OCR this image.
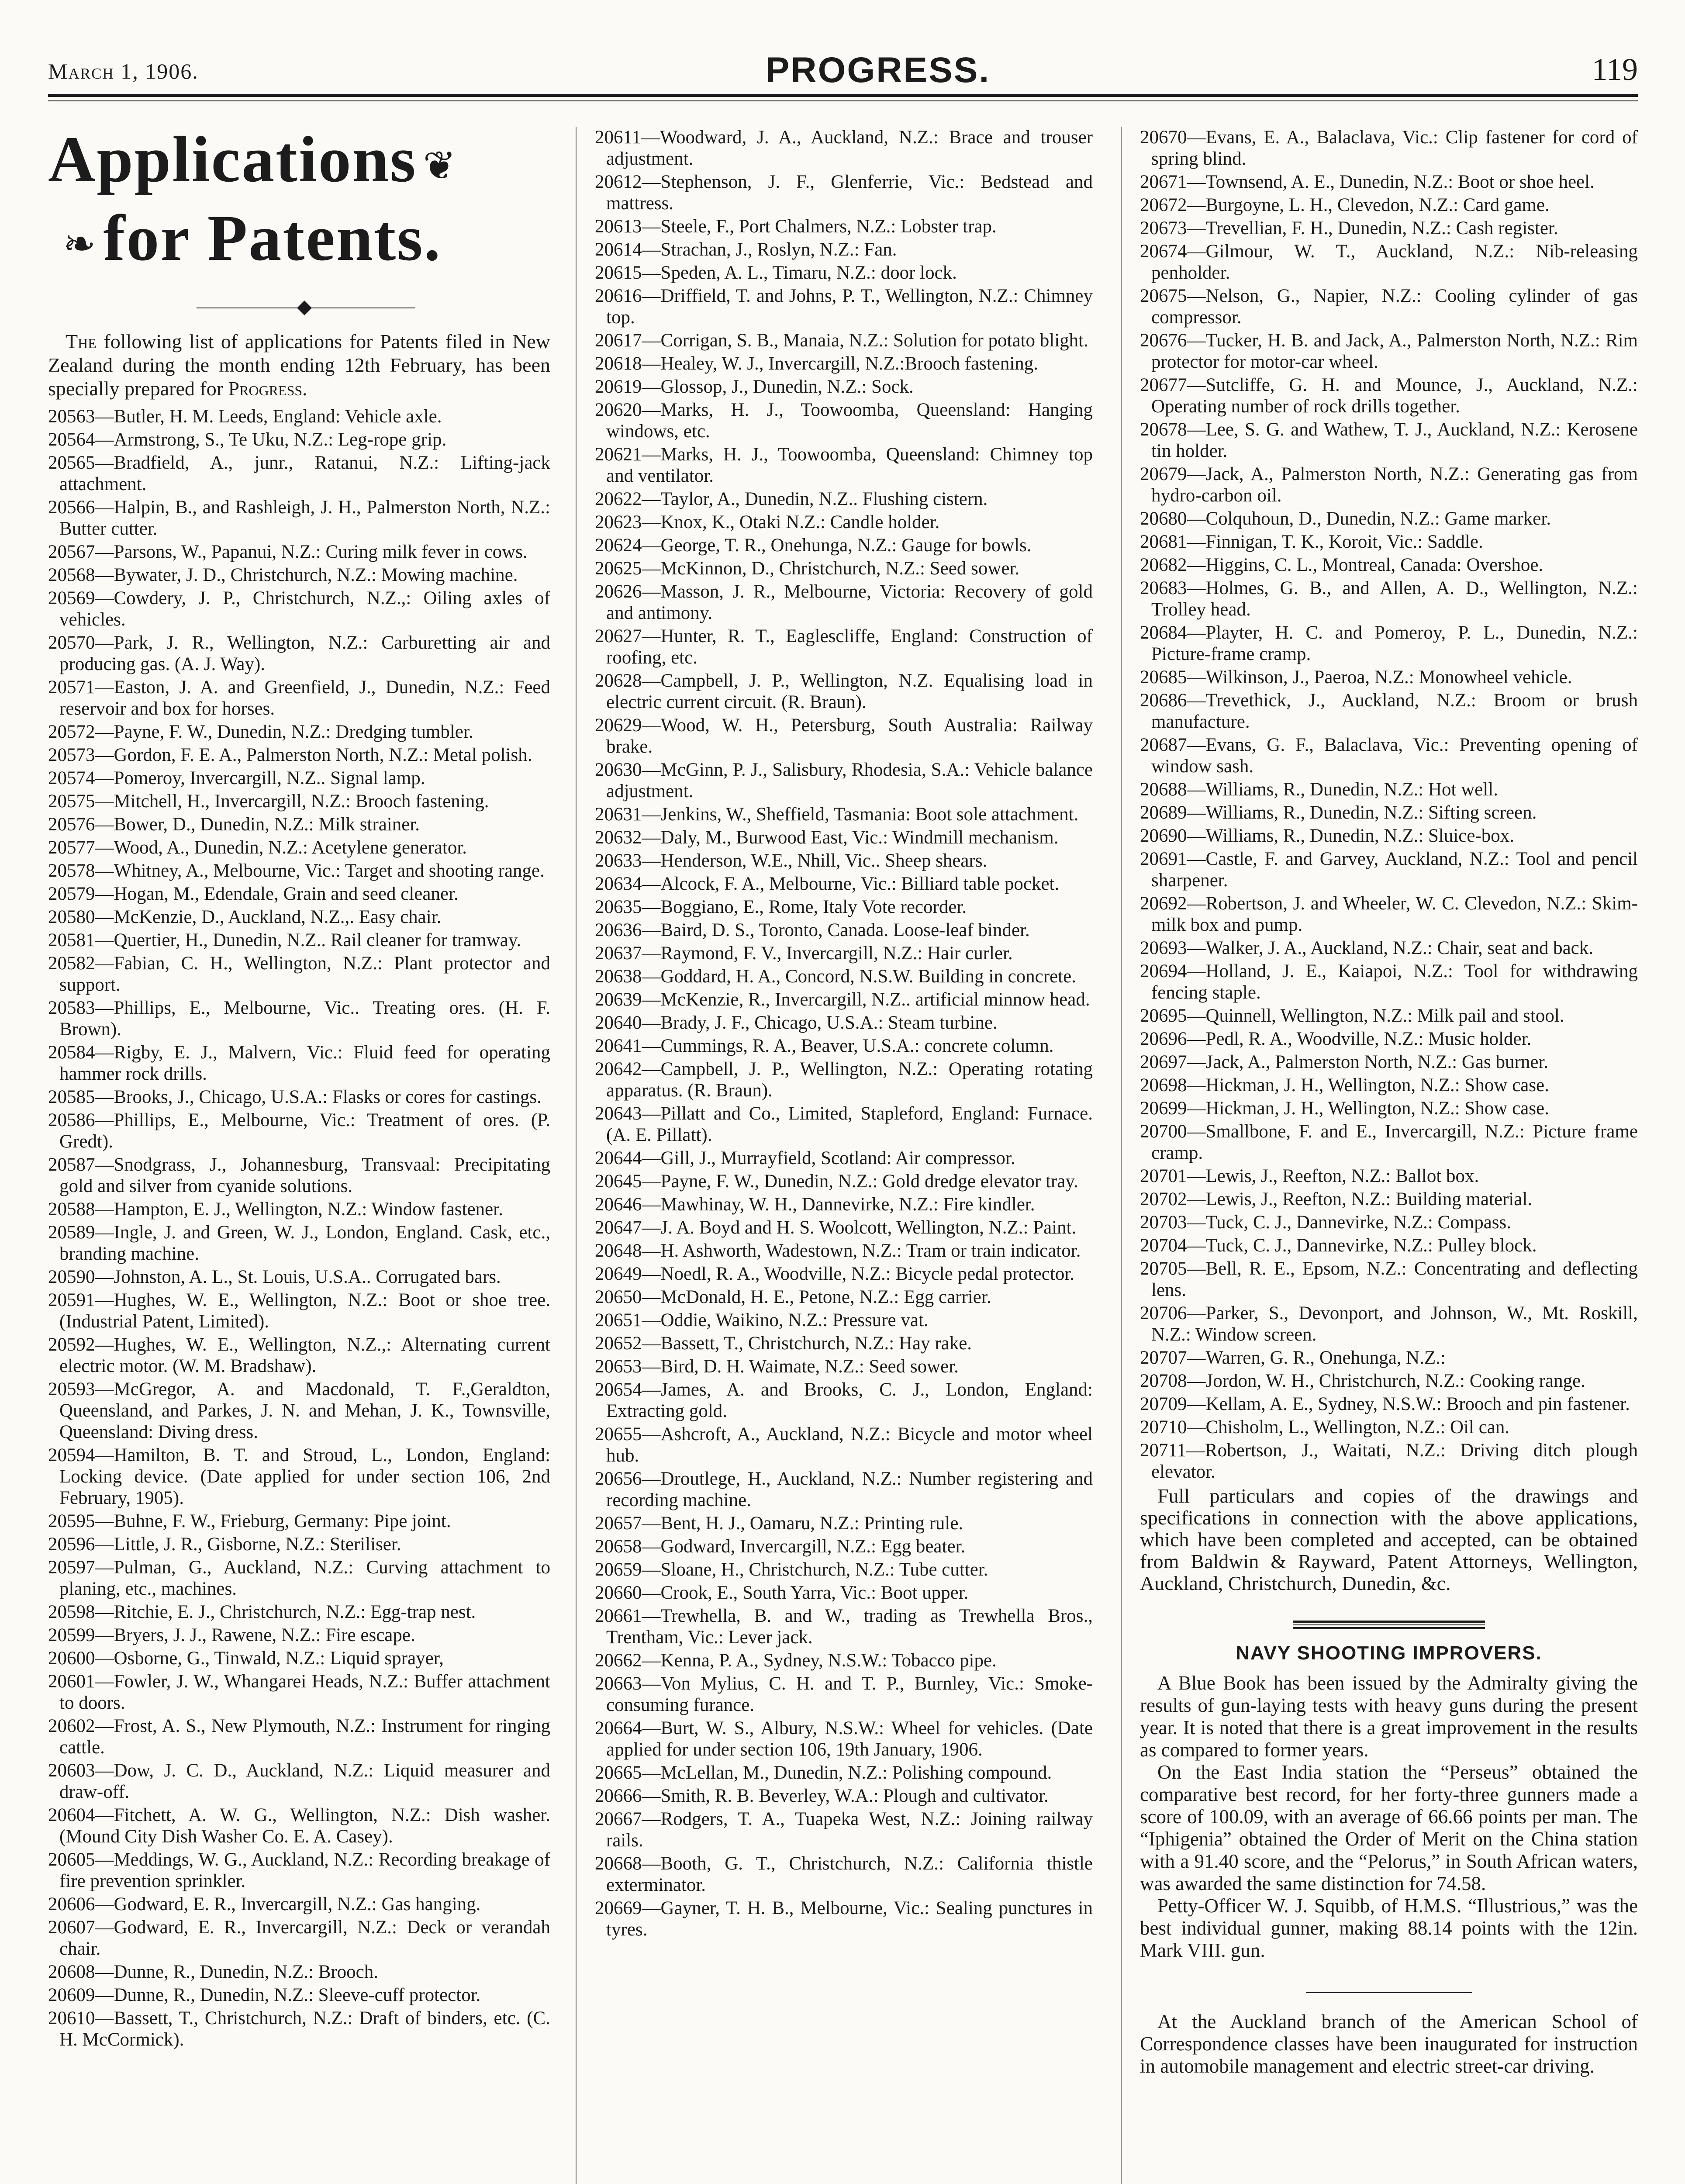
March 1, 1906.	PROGRESS.	119
Applications ❦
❧for Patents.

The following list of applications for Patents filed in New Zealand during the month ending 12th February, has been specially prepared for Progress.

20563—Butler, H. M. Leeds, England: Vehicle axle.

20564—Armstrong, S., Te Uku, N.Z.: Leg-rope grip.

20565—Bradfield, A., junr., Ratanui, N.Z.: Lifting-jack attachment.

20566—Halpin, B., and Rashleigh, J. H., Palmerston North, N.Z.: Butter cutter.

20567—Parsons, W., Papanui, N.Z.: Curing milk fever in cows.

20568—Bywater, J. D., Christchurch, N.Z.: Mowing machine.

20569—Cowdery, J. P., Christchurch, N.Z.,: Oiling axles of vehicles.

20570—Park, J. R., Wellington, N.Z.: Carburetting air and producing gas. (A. J. Way).

20571—Easton, J. A. and Greenfield, J., Dunedin, N.Z.: Feed reservoir and box for horses.

20572—Payne, F. W., Dunedin, N.Z.: Dredging tumbler.

20573—Gordon, F. E. A., Palmerston North, N.Z.: Metal polish.

20574—Pomeroy, Invercargill, N.Z.. Signal lamp.

20575—Mitchell, H., Invercargill, N.Z.: Brooch fastening.

20576—Bower, D., Dunedin, N.Z.: Milk strainer.

20577—Wood, A., Dunedin, N.Z.: Acetylene generator.

20578—Whitney, A., Melbourne, Vic.: Target and shooting range.

20579—Hogan, M., Edendale, Grain and seed cleaner.

20580—McKenzie, D., Auckland, N.Z.,. Easy chair.

20581—Quertier, H., Dunedin, N.Z.. Rail cleaner for tramway.

20582—Fabian, C. H., Wellington, N.Z.: Plant protector and support.

20583—Phillips, E., Melbourne, Vic.. Treating ores. (H. F. Brown).

20584—Rigby, E. J., Malvern, Vic.: Fluid feed for operating hammer rock drills.

20585—Brooks, J., Chicago, U.S.A.: Flasks or cores for castings.

20586—Phillips, E., Melbourne, Vic.: Treatment of ores. (P. Gredt).

20587—Snodgrass, J., Johannesburg, Transvaal: Precipitating gold and silver from cyanide solutions.

20588—Hampton, E. J., Wellington, N.Z.: Window fastener.

20589—Ingle, J. and Green, W. J., London, England. Cask, etc., branding machine.

20590—Johnston, A. L., St. Louis, U.S.A.. Corrugated bars.

20591—Hughes, W. E., Wellington, N.Z.: Boot or shoe tree. (Industrial Patent, Limited).

20592—Hughes, W. E., Wellington, N.Z.,: Alternating current electric motor. (W. M. Bradshaw).

20593—McGregor, A. and Macdonald, T. F.,Geraldton, Queensland, and Parkes, J. N. and Mehan, J. K., Townsville, Queensland: Diving dress.

20594—Hamilton, B. T. and Stroud, L., London, England: Locking device. (Date applied for under section 106, 2nd February, 1905).

20595—Buhne, F. W., Frieburg, Germany: Pipe joint.

20596—Little, J. R., Gisborne, N.Z.: Steriliser.

20597—Pulman, G., Auckland, N.Z.: Curving attachment to planing, etc., machines.

20598—Ritchie, E. J., Christchurch, N.Z.: Egg-trap nest.

20599—Bryers, J. J., Rawene, N.Z.: Fire escape.

20600—Osborne, G., Tinwald, N.Z.: Liquid sprayer,

20601—Fowler, J. W., Whangarei Heads, N.Z.: Buffer attachment to doors.

20602—Frost, A. S., New Plymouth, N.Z.: Instrument for ringing cattle.

20603—Dow, J. C. D., Auckland, N.Z.: Liquid measurer and draw-off.

20604—Fitchett, A. W. G., Wellington, N.Z.: Dish washer. (Mound City Dish Washer Co. E. A. Casey).

20605—Meddings, W. G., Auckland, N.Z.: Recording breakage of fire prevention sprinkler.

20606—Godward, E. R., Invercargill, N.Z.: Gas hanging.

20607—Godward, E. R., Invercargill, N.Z.: Deck or verandah chair.

20608—Dunne, R., Dunedin, N.Z.: Brooch.

20609—Dunne, R., Dunedin, N.Z.: Sleeve-cuff protector.

20610—Bassett, T., Christchurch, N.Z.: Draft of binders, etc. (C. H. McCormick).

20611—Woodward, J. A., Auckland, N.Z.: Brace and trouser adjustment.

20612—Stephenson, J. F., Glenferrie, Vic.: Bedstead and mattress.

20613—Steele, F., Port Chalmers, N.Z.: Lobster trap.

20614—Strachan, J., Roslyn, N.Z.: Fan.

20615—Speden, A. L., Timaru, N.Z.: door lock.

20616—Driffield, T. and Johns, P. T., Wellington, N.Z.: Chimney top.

20617—Corrigan, S. B., Manaia, N.Z.: Solution for potato blight.

20618—Healey, W. J., Invercargill, N.Z.:Brooch fastening.

20619—Glossop, J., Dunedin, N.Z.: Sock.

20620—Marks, H. J., Toowoomba, Queensland: Hanging windows, etc.

20621—Marks, H. J., Toowoomba, Queensland: Chimney top and ventilator.

20622—Taylor, A., Dunedin, N.Z.. Flushing cistern.

20623—Knox, K., Otaki N.Z.: Candle holder.

20624—George, T. R., Onehunga, N.Z.: Gauge for bowls.

20625—McKinnon, D., Christchurch, N.Z.: Seed sower.

20626—Masson, J. R., Melbourne, Victoria: Recovery of gold and antimony.

20627—Hunter, R. T., Eaglescliffe, England: Construction of roofing, etc.

20628—Campbell, J. P., Wellington, N.Z. Equalising load in electric current circuit. (R. Braun).

20629—Wood, W. H., Petersburg, South Australia: Railway brake.

20630—McGinn, P. J., Salisbury, Rhodesia, S.A.: Vehicle balance adjustment.

20631—Jenkins, W., Sheffield, Tasmania: Boot sole attachment.

20632—Daly, M., Burwood East, Vic.: Windmill mechanism.

20633—Henderson, W.E., Nhill, Vic.. Sheep shears.

20634—Alcock, F. A., Melbourne, Vic.: Billiard table pocket.

20635—Boggiano, E., Rome, Italy Vote recorder.

20636—Baird, D. S., Toronto, Canada. Loose-leaf binder.

20637—Raymond, F. V., Invercargill, N.Z.: Hair curler.

20638—Goddard, H. A., Concord, N.S.W. Building in concrete.

20639—McKenzie, R., Invercargill, N.Z.. artificial minnow head.

20640—Brady, J. F., Chicago, U.S.A.: Steam turbine.

20641—Cummings, R. A., Beaver, U.S.A.: concrete column.

20642—Campbell, J. P., Wellington, N.Z.: Operating rotating apparatus. (R. Braun).

20643—Pillatt and Co., Limited, Stapleford, England: Furnace. (A. E. Pillatt).

20644—Gill, J., Murrayfield, Scotland: Air compressor.

20645—Payne, F. W., Dunedin, N.Z.: Gold dredge elevator tray.

20646—Mawhinay, W. H., Dannevirke, N.Z.: Fire kindler.

20647—J. A. Boyd and H. S. Woolcott, Wellington, N.Z.: Paint.

20648—H. Ashworth, Wadestown, N.Z.: Tram or train indicator.

20649—Noedl, R. A., Woodville, N.Z.: Bicycle pedal protector.

20650—McDonald, H. E., Petone, N.Z.: Egg carrier.

20651—Oddie, Waikino, N.Z.: Pressure vat.

20652—Bassett, T., Christchurch, N.Z.: Hay rake.

20653—Bird, D. H. Waimate, N.Z.: Seed sower.

20654—James, A. and Brooks, C. J., London, England: Extracting gold.

20655—Ashcroft, A., Auckland, N.Z.: Bicycle and motor wheel hub.

20656—Droutlege, H., Auckland, N.Z.: Number registering and recording machine.

20657—Bent, H. J., Oamaru, N.Z.: Printing rule.

20658—Godward, Invercargill, N.Z.: Egg beater.

20659—Sloane, H., Christchurch, N.Z.: Tube cutter.

20660—Crook, E., South Yarra, Vic.: Boot upper.

20661—Trewhella, B. and W., trading as Trewhella Bros., Trentham, Vic.: Lever jack.

20662—Kenna, P. A., Sydney, N.S.W.: Tobacco pipe.

20663—Von Mylius, C. H. and T. P., Burnley, Vic.: Smoke-consuming furance.

20664—Burt, W. S., Albury, N.S.W.: Wheel for vehicles. (Date applied for under section 106, 19th January, 1906.

20665—McLellan, M., Dunedin, N.Z.: Polishing compound.

20666—Smith, R. B. Beverley, W.A.: Plough and cultivator.

20667—Rodgers, T. A., Tuapeka West, N.Z.: Joining railway rails.

20668—Booth, G. T., Christchurch, N.Z.: California thistle exterminator.

20669—Gayner, T. H. B., Melbourne, Vic.: Sealing punctures in tyres.

20670—Evans, E. A., Balaclava, Vic.: Clip fastener for cord of spring blind.

20671—Townsend, A. E., Dunedin, N.Z.: Boot or shoe heel.

20672—Burgoyne, L. H., Clevedon, N.Z.: Card game.

20673—Trevellian, F. H., Dunedin, N.Z.: Cash register.

20674—Gilmour, W. T., Auckland, N.Z.: Nib-releasing penholder.

20675—Nelson, G., Napier, N.Z.: Cooling cylinder of gas compressor.

20676—Tucker, H. B. and Jack, A., Palmerston North, N.Z.: Rim protector for motor-car wheel.

20677—Sutcliffe, G. H. and Mounce, J., Auckland, N.Z.: Operating number of rock drills together.

20678—Lee, S. G. and Wathew, T. J., Auckland, N.Z.: Kerosene tin holder.

20679—Jack, A., Palmerston North, N.Z.: Generating gas from hydro-carbon oil.

20680—Colquhoun, D., Dunedin, N.Z.: Game marker.

20681—Finnigan, T. K., Koroit, Vic.: Saddle.

20682—Higgins, C. L., Montreal, Canada: Overshoe.

20683—Holmes, G. B., and Allen, A. D., Wellington, N.Z.: Trolley head.

20684—Playter, H. C. and Pomeroy, P. L., Dunedin, N.Z.: Picture-frame cramp.

20685—Wilkinson, J., Paeroa, N.Z.: Monowheel vehicle.

20686—Trevethick, J., Auckland, N.Z.: Broom or brush manufacture.

20687—Evans, G. F., Balaclava, Vic.: Preventing opening of window sash.

20688—Williams, R., Dunedin, N.Z.: Hot well.

20689—Williams, R., Dunedin, N.Z.: Sifting screen.

20690—Williams, R., Dunedin, N.Z.: Sluice-box.

20691—Castle, F. and Garvey, Auckland, N.Z.: Tool and pencil sharpener.

20692—Robertson, J. and Wheeler, W. C. Clevedon, N.Z.: Skim-milk box and pump.

20693—Walker, J. A., Auckland, N.Z.: Chair, seat and back.

20694—Holland, J. E., Kaiapoi, N.Z.: Tool for withdrawing fencing staple.

20695—Quinnell, Wellington, N.Z.: Milk pail and stool.

20696—Pedl, R. A., Woodville, N.Z.: Music holder.

20697—Jack, A., Palmerston North, N.Z.: Gas burner.

20698—Hickman, J. H., Wellington, N.Z.: Show case.

20699—Hickman, J. H., Wellington, N.Z.: Show case.

20700—Smallbone, F. and E., Invercargill, N.Z.: Picture frame cramp.

20701—Lewis, J., Reefton, N.Z.: Ballot box.

20702—Lewis, J., Reefton, N.Z.: Building material.

20703—Tuck, C. J., Dannevirke, N.Z.: Compass.

20704—Tuck, C. J., Dannevirke, N.Z.: Pulley block.

20705—Bell, R. E., Epsom, N.Z.: Concentrating and deflecting lens.

20706—Parker, S., Devonport, and Johnson, W., Mt. Roskill, N.Z.: Window screen.

20707—Warren, G. R., Onehunga, N.Z.:

20708—Jordon, W. H., Christchurch, N.Z.: Cooking range.

20709—Kellam, A. E., Sydney, N.S.W.: Brooch and pin fastener.

20710—Chisholm, L., Wellington, N.Z.: Oil can.

20711—Robertson, J., Waitati, N.Z.: Driving ditch plough elevator.

Full particulars and copies of the drawings and specifications in connection with the above applications, which have been completed and accepted, can be obtained from Baldwin & Rayward, Patent Attorneys, Wellington, Auckland, Christchurch, Dunedin, &c.

NAVY SHOOTING IMPROVERS.

A Blue Book has been issued by the Admiralty giving the results of gun-laying tests with heavy guns during the present year. It is noted that there is a great improvement in the results as compared to former years.

On the East India station the “Perseus” obtained the comparative best record, for her forty-three gunners made a score of 100.09, with an average of 66.66 points per man. The “Iphigenia” obtained the Order of Merit on the China station with a 91.40 score, and the “Pelorus,” in South African waters, was awarded the same distinction for 74.58.

Petty-Officer W. J. Squibb, of H.M.S. “Illustrious,” was the best individual gunner, making 88.14 points with the 12in. Mark VIII. gun.

At the Auckland branch of the American School of Correspondence classes have been inaugurated for instruction in automobile management and electric street-car driving.
